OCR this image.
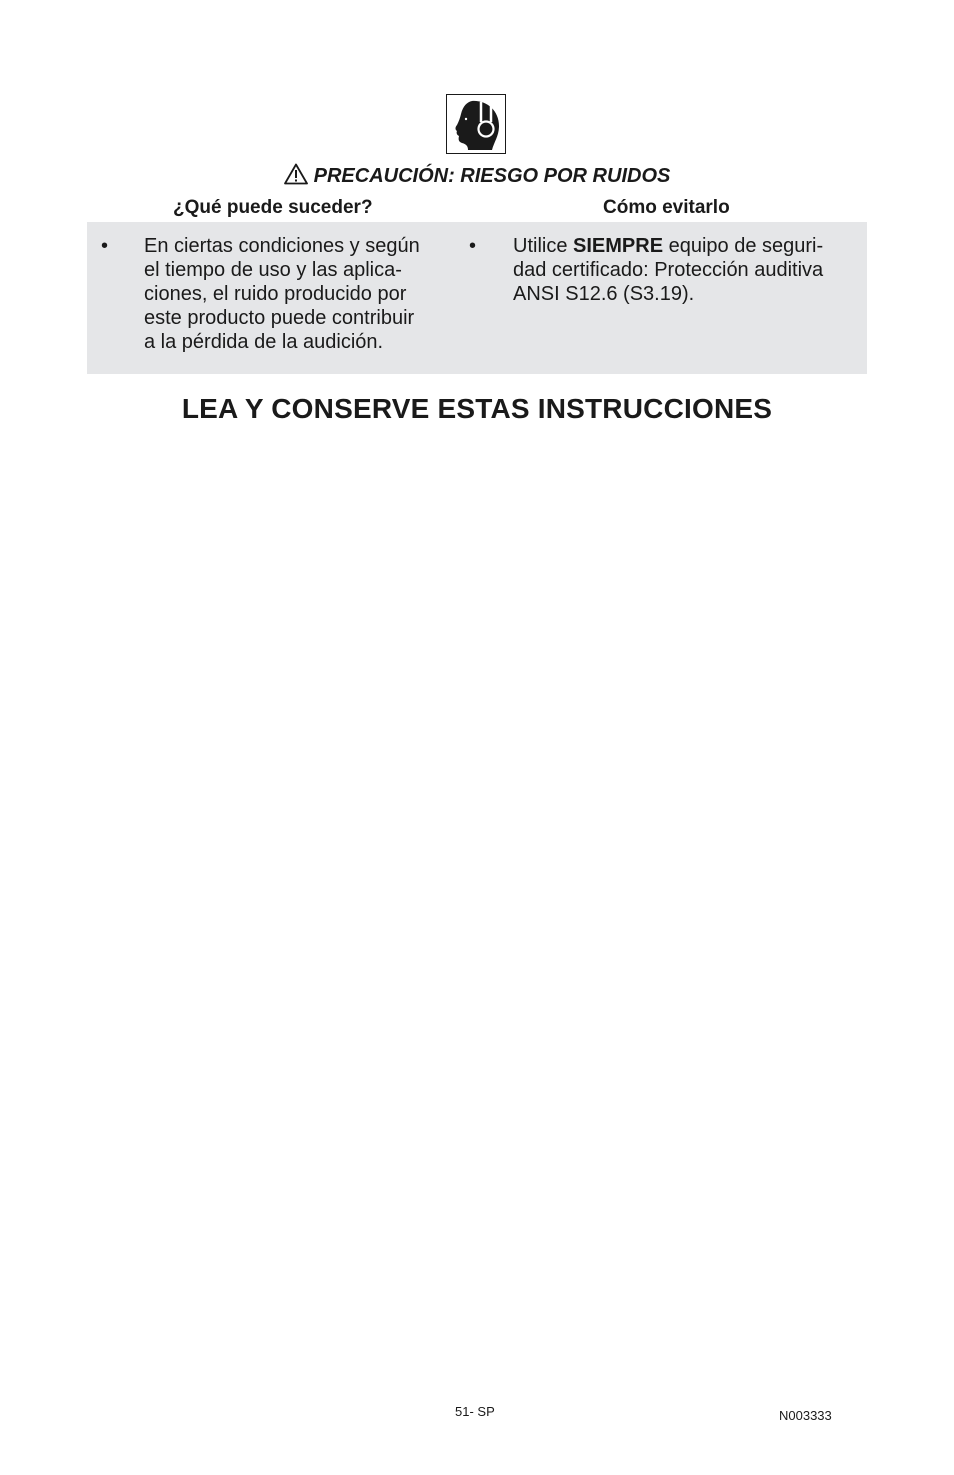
PRECAUCIÓN: RIESGO POR RUIDOS
¿Qué puede suceder?	Cómo evitarlo
• En ciertas condiciones y según
el tiempo de uso y las aplica-
ciones, el ruido producido por
este producto puede contribuir
a la pérdida de la audición.
• Utilice SIEMPRE equipo de seguri-
dad certificado: Protección auditiva
ANSI S12.6 (S3.19).
LEA Y CONSERVE ESTAS INSTRUCCIONES
51- SP	N003333
